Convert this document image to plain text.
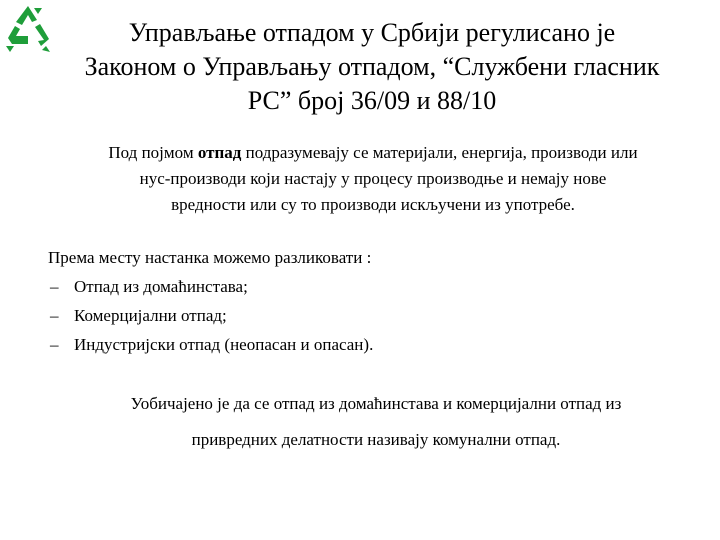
Управљање отпадом у Србији регулисано је
Законом о Управљању отпадом, “Службени гласник
РС” број 36/09 и 88/10
Под појмом отпад подразумевају се материјали, енергија, производи или
нус-производи који настају у процесу производње и немају нове
вредности или су то производи искључени из употребе.
Према месту настанка можемо разликовати :
– Отпад из домаћинстава;
– Комерцијални отпад;
– Индустријски отпад (неопасан и опасан).
Уобичајено је да се отпад из домаћинстава и комерцијални отпад из
привредних делатности називају комунални отпад.
